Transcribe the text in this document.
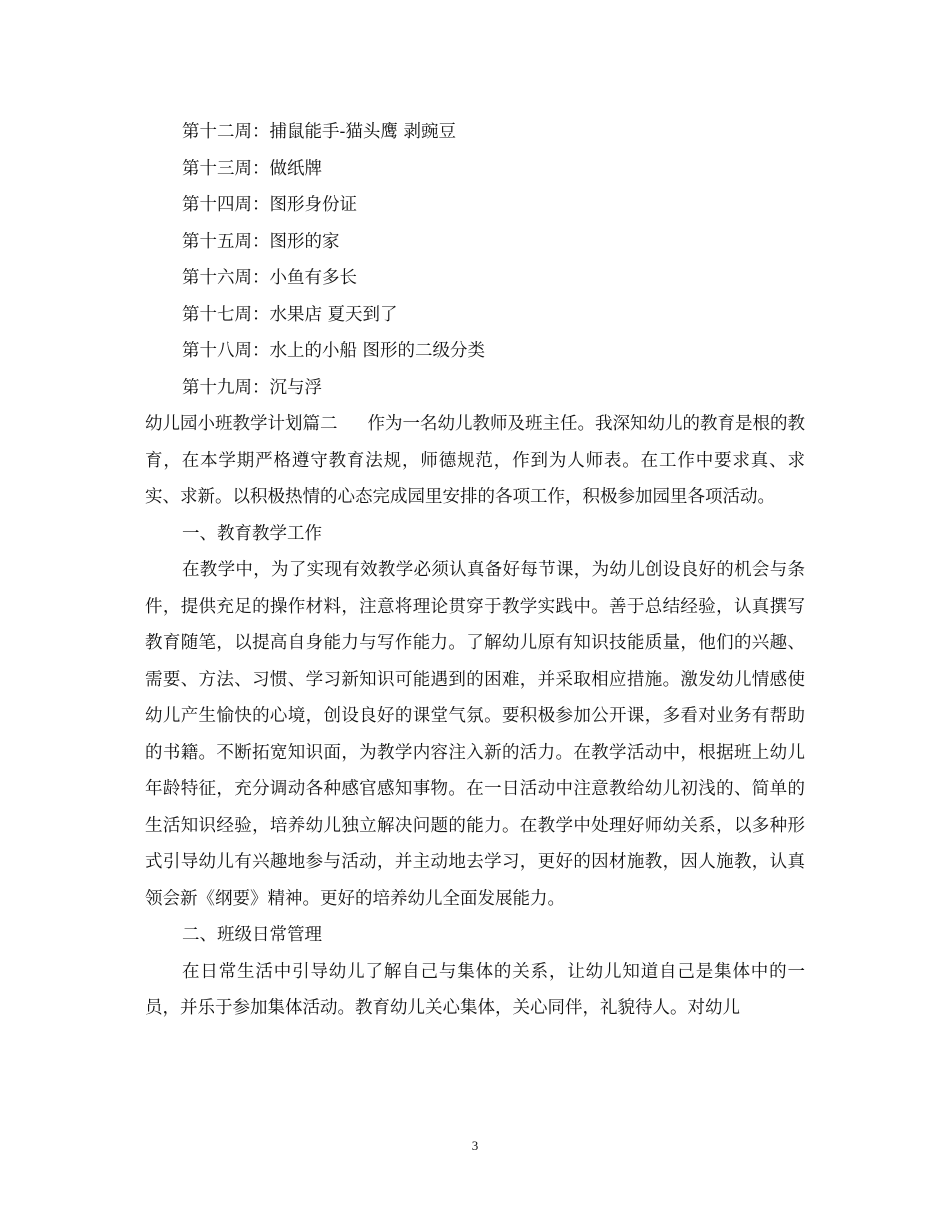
第十二周：捕鼠能手-猫头鹰 剥豌豆

第十三周：做纸牌

第十四周：图形身份证

第十五周：图形的家

第十六周：小鱼有多长

第十七周：水果店 夏天到了

第十八周：水上的小船 图形的二级分类

第十九周：沉与浮

幼儿园小班教学计划篇二 作为一名幼儿教师及班主任。我深知幼儿的教育是根的教育，在本学期严格遵守教育法规，师德规范，作到为人师表。在工作中要求真、求实、求新。以积极热情的心态完成园里安排的各项工作，积极参加园里各项活动。

一、教育教学工作

在教学中，为了实现有效教学必须认真备好每节课，为幼儿创设良好的机会与条件，提供充足的操作材料，注意将理论贯穿于教学实践中。善于总结经验，认真撰写教育随笔，以提高自身能力与写作能力。了解幼儿原有知识技能质量，他们的兴趣、需要、方法、习惯、学习新知识可能遇到的困难，并采取相应措施。激发幼儿情感使幼儿产生愉快的心境，创设良好的课堂气氛。要积极参加公开课，多看对业务有帮助的书籍。不断拓宽知识面，为教学内容注入新的活力。在教学活动中，根据班上幼儿年龄特征，充分调动各种感官感知事物。在一日活动中注意教给幼儿初浅的、简单的生活知识经验，培养幼儿独立解决问题的能力。在教学中处理好师幼关系，以多种形式引导幼儿有兴趣地参与活动，并主动地去学习，更好的因材施教，因人施教，认真领会新《纲要》精神。更好的培养幼儿全面发展能力。

二、班级日常管理

在日常生活中引导幼儿了解自己与集体的关系，让幼儿知道自己是集体中的一员，并乐于参加集体活动。教育幼儿关心集体，关心同伴，礼貌待人。对幼儿

3
